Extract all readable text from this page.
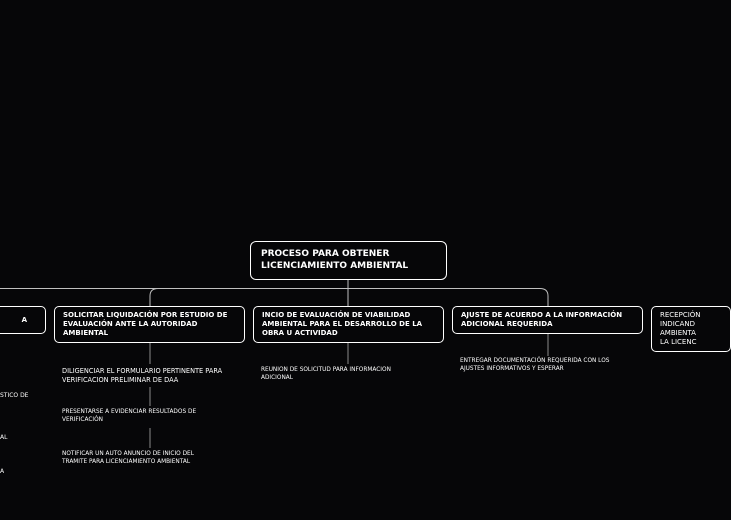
PROCESO PARA OBTENER
LICENCIAMIENTO AMBIENTAL
A
SOLICITAR LIQUIDACIÓN POR ESTUDIO DE EVALUACIÓN ANTE LA AUTORIDAD AMBIENTAL
INCIO DE EVALUACIÓN DE VIABILIDAD AMBIENTAL PARA EL DESARROLLO DE LA OBRA U ACTIVIDAD
AJUSTE DE ACUERDO A LA INFORMACIÓN ADICIONAL REQUERIDA
RECEPCIÓN
INDICAND
AMBIENTA
LA LICENC
STICO DE
AL
A
DILIGENCIAR EL FORMULARIO PERTINENTE PARA
VERIFICACION PRELIMINAR DE DAA
PRESENTARSE A EVIDENCIAR RESULTADOS DE
VERIFICACIÓN
NOTIFICAR UN AUTO ANUNCIO DE INICIO DEL
TRAMITE PARA LICENCIAMIENTO AMBIENTAL
REUNION DE SOLICITUD PARA INFORMACION
ADICIONAL
ENTREGAR DOCUMENTACIÓN REQUERIDA CON LOS
AJUSTES INFORMATIVOS Y ESPERAR
